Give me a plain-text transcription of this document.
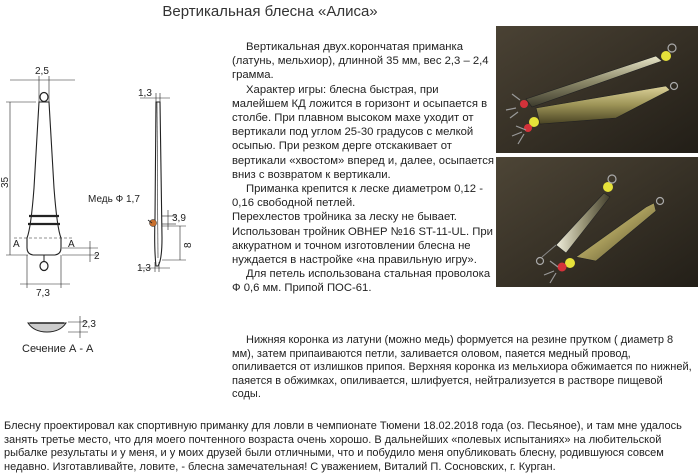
Вертикальная блесна «Алиса»
2,5
35
7,3
2
A	A
1,3
1,3
3,9
8
Медь Ф 1,7
2,3
Сечение А - А

Вертикальная двух.корончатая приманка (латунь, мельхиор), длинной 35 мм, вес 2,3 – 2,4 грамма.

Характер игры: блесна быстрая, при малейшем КД ложится в горизонт и осыпается в столбе. При плавном высоком махе уходит от вертикали под углом 25-30 градусов с мелкой осыпью. При резком дерге отскакивает от вертикали «хвостом» вперед и, далее, осыпается вниз с возвратом к вертикали.

Приманка крепится к леске диаметром 0,12 - 0,16 свободной петлей.

Перехлестов тройника за леску не бывает. Использован тройник ОВНЕР №16 ST-11-UL. При аккуратном и точном изготовлении блесна не нуждается в настройке «на правильную игру».

Для петель использована стальная проволока Ф 0,6 мм. Припой ПОС-61.

Нижняя коронка из латуни (можно медь) формуется на резине прутком ( диаметр 8 мм), затем припаиваются петли, заливается оловом, паяется медный провод, опиливается от излишков припоя. Верхняя коронка из мельхиора обжимается по нижней, паяется в обжимках, опиливается, шлифуется, нейтрализуется в растворе пищевой соды.

Блесну проектировал как спортивную приманку для ловли в чемпионате Тюмени 18.02.2018 года (оз. Песьяное), и там мне удалось занять третье место, что для моего почтенного возраста очень хорошо. В дальнейших «полевых испытаниях» на любительской рыбалке результаты и у меня, и у моих друзей были отличными, что и побудило меня опубликовать блесну, родившуюся совсем недавно. Изготавливайте, ловите, - блесна замечательная! С уважением, Виталий П. Сосновских, г. Курган.
